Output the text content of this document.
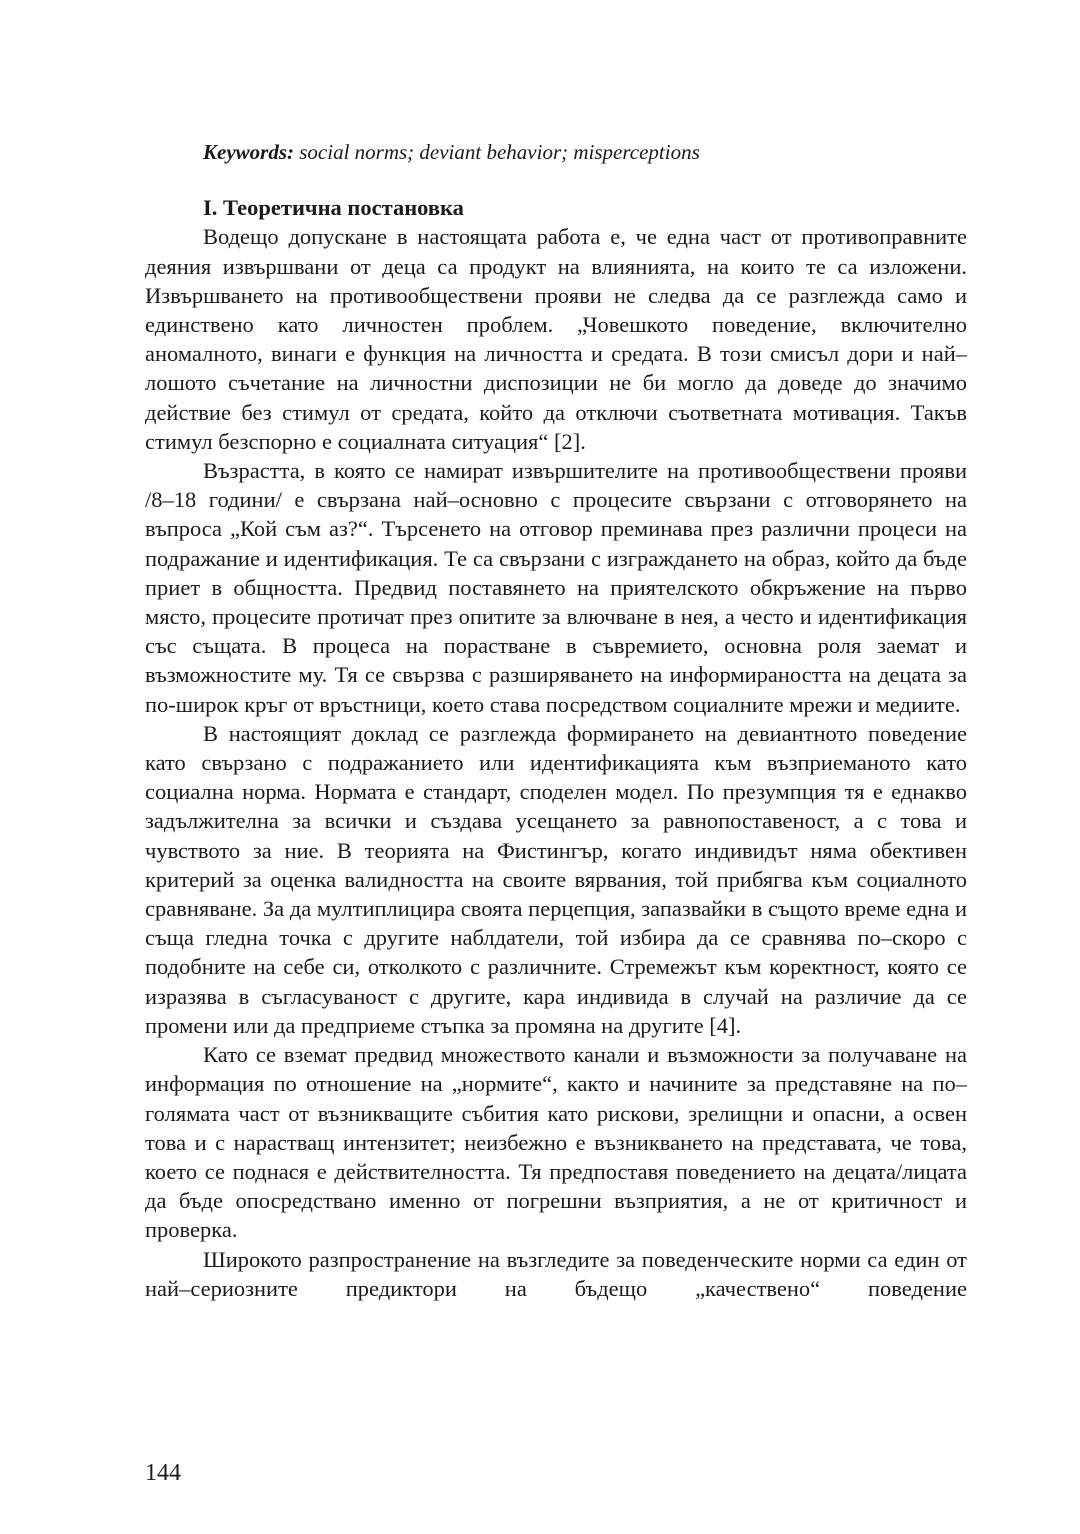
Keywords: social norms; deviant behavior; misperceptions

I. Теоретична постановка

Водещо допускане в настоящата работа е, че една част от противоправните деяния извършвани от деца са продукт на влиянията, на които те са изложени. Извършването на противообществени прояви не следва да се разглежда само и единствено като личностен проблем. „Човешкото поведение, включително аномалното, винаги е функция на личността и средата. В този смисъл дори и най–лошото съчетание на личностни диспозиции не би могло да доведе до значимо действие без стимул от средата, който да отключи съответната мотивация. Такъв стимул безспорно е социалната ситуация“ [2].

Възрастта, в която се намират извършителите на противообществени прояви /8–18 години/ е свързана най–основно с процесите свързани с отговорянето на въпроса „Кой съм аз?“. Търсенето на отговор преминава през различни процеси на подражание и идентификация. Те са свързани с изграждането на образ, който да бъде приет в общността. Предвид поставянето на приятелското обкръжение на първо място, процесите протичат през опитите за влючване в нея, а често и идентификация със същата. В процеса на порастване в съвремието, основна роля заемат и възможностите му. Тя се свързва с разширяването на информираността на децата за по-широк кръг от връстници, което става посредством социалните мрежи и медиите.

В настоящият доклад се разглежда формирането на девиантното поведение като свързано с подражанието или идентификацията към възприеманото като социална норма. Нормата е стандарт, споделен модел. По презумпция тя е еднакво задължителна за всички и създава усещането за равнопоставеност, а с това и чувството за ние. В теорията на Фистингър, когато индивидът няма обективен критерий за оценка валидността на своите вярвания, той прибягва към социалното сравняване. За да мултиплицира своята перцепция, запазвайки в същото време една и съща гледна точка с другите наблдатели, той избира да се сравнява по–скоро с подобните на себе си, отколкото с различните. Стремежът към коректност, която се изразява в съгласуваност с другите, кара индивида в случай на различие да се промени или да предприеме стъпка за промяна на другите [4].

Като се вземат предвид множеството канали и възможности за получаване на информация по отношение на „нормите“, както и начините за представяне на по–голямата част от възникващите събития като рискови, зрелищни и опасни, а освен това и с нарастващ интензитет; неизбежно е възникването на представата, че това, което се поднася е действителността. Тя предпоставя поведението на децата/лицата да бъде опосредствано именно от погрешни възприятия, а не от критичност и проверка.

Широкото разпространение на възгледите за поведенческите норми са един от най–сериозните предиктори на бъдещо „качествено“ поведение

144
